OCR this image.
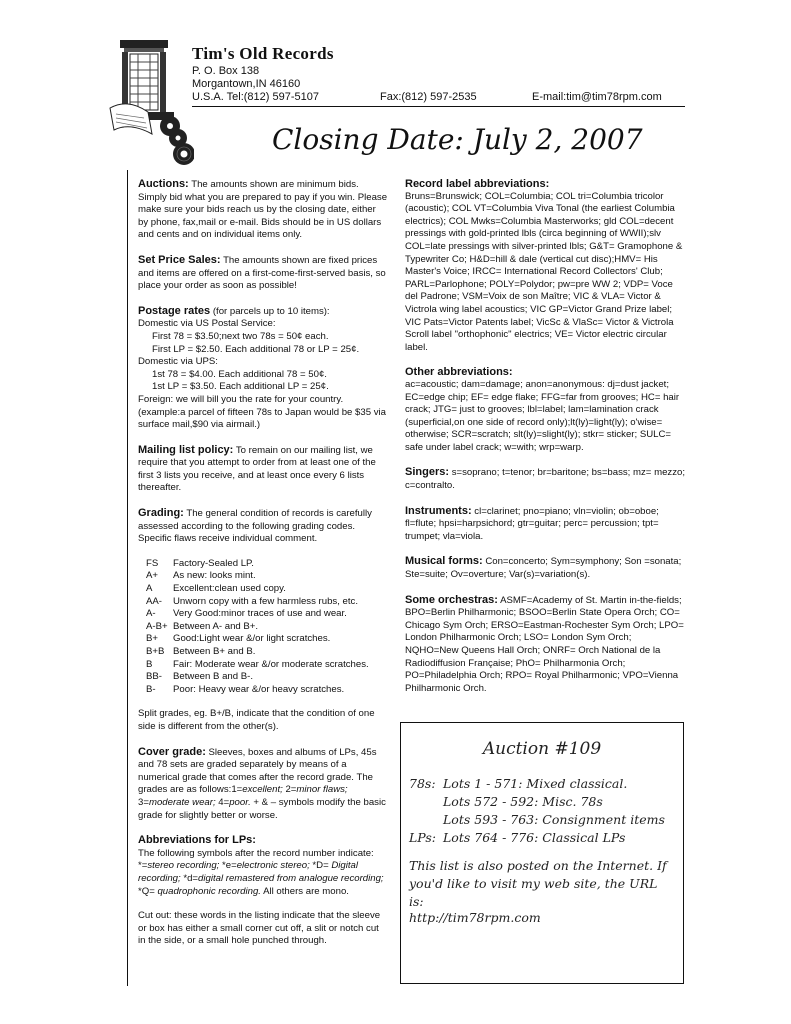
Tim's Old Records
P. O. Box 138
Morgantown,IN 46160
U.S.A. Tel:(812) 597-5107	Fax:(812) 597-2535	E-mail:tim@tim78rpm.com
Closing Date: July 2, 2007

Auctions: The amounts shown are minimum bids. Simply bid what you are prepared to pay if you win. Please make sure your bids reach us by the closing date, either by phone, fax,mail or e-mail. Bids should be in US dollars and cents and on individual items only.

Set Price Sales: The amounts shown are fixed prices and items are offered on a first-come-first-served basis, so place your order as soon as possible!

Postage rates (for parcels up to 10 items):

Domestic via US Postal Service:

First 78 = $3.50;next two 78s = 50¢ each.

First LP = $2.50. Each additional 78 or LP = 25¢.

Domestic via UPS:

1st 78 = $4.00. Each additional 78 = 50¢.

1st LP = $3.50. Each additional LP = 25¢.

Foreign: we will bill you the rate for your country. (example:a parcel of fifteen 78s to Japan would be $35 via surface mail,$90 via airmail.)

Mailing list policy: To remain on our mailing list, we require that you attempt to order from at least one of the first 3 lists you receive, and at least once every 6 lists thereafter.

Grading: The general condition of records is carefully assessed according to the following grading codes. Specific flaws receive individual comment.

FS	Factory-Sealed LP.
A+	As new: looks mint.
A	Excellent:clean used copy.
AA-	Unworn copy with a few harmless rubs, etc.
A-	Very Good:minor traces of use and wear.
A-B+ Between A- and B+.
B+	Good:Light wear &/or light scratches.
B+B Between B+ and B.
B	Fair: Moderate wear &/or moderate scratches.
BB-	Between B and B-.
B-	Poor: Heavy wear &/or heavy scratches.

Split grades, eg. B+/B, indicate that the condition of one side is different from the other(s).

Cover grade: Sleeves, boxes and albums of LPs, 45s and 78 sets are graded separately by means of a numerical grade that comes after the record grade. The grades are as follows:1=excellent; 2=minor flaws; 3=moderate wear; 4=poor. + & – symbols modify the basic grade for slightly better or worse.

Abbreviations for LPs:

The following symbols after the record number indicate: *=stereo recording; *e=electronic stereo; *D= Digital recording; *d=digital remastered from analogue recording; *Q= quadrophonic recording. All others are mono.

Cut out: these words in the listing indicate that the sleeve or box has either a small corner cut off, a slit or notch cut in the side, or a small hole punched through.

Record label abbreviations:

Bruns=Brunswick; COL=Columbia; COL tri=Columbia tricolor (acoustic); COL VT=Columbia Viva Tonal (the earliest Columbia electrics); COL Mwks=Columbia Masterworks; gld COL=decent pressings with gold-printed lbls (circa beginning of WWII);slv COL=late pressings with silver-printed lbls; G&T= Gramophone & Typewriter Co; H&D=hill & dale (vertical cut disc);HMV= His Master's Voice; IRCC= International Record Collectors' Club; PARL=Parlophone; POLY=Polydor; pw=pre WW 2; VDP= Voce del Padrone; VSM=Voix de son Maître; VIC & VLA= Victor & Victrola wing label acoustics; VIC GP=Victor Grand Prize label; VIC Pats=Victor Patents label; VicSc & VlaSc= Victor & Victrola Scroll label "orthophonic" electrics; VE= Victor electric circular label.

Other abbreviations:

ac=acoustic; dam=damage; anon=anonymous: dj=dust jacket; EC=edge chip; EF= edge flake; FFG=far from grooves; HC= hair crack; JTG= just to grooves; lbl=label; lam=lamination crack (superficial,on one side of record only);lt(ly)=light(ly); o'wise= otherwise; SCR=scratch; slt(ly)=slight(ly); stkr= sticker; SULC= safe under label crack; w=with; wrp=warp.

Singers: s=soprano; t=tenor; br=baritone; bs=bass; mz= mezzo; c=contralto.

Instruments: cl=clarinet; pno=piano; vln=violin; ob=oboe; fl=flute; hpsi=harpsichord; gtr=guitar; perc= percussion; tpt= trumpet; vla=viola.

Musical forms: Con=concerto; Sym=symphony; Son =sonata; Ste=suite; Ov=overture; Var(s)=variation(s).

Some orchestras: ASMF=Academy of St. Martin in-the-fields; BPO=Berlin Philharmonic; BSOO=Berlin State Opera Orch; CO= Chicago Sym Orch; ERSO=Eastman-Rochester Sym Orch; LPO= London Philharmonic Orch; LSO= London Sym Orch; NQHO=New Queens Hall Orch; ONRF= Orch National de la Radiodiffusion Française; PhO= Philharmonia Orch; PO=Philadelphia Orch; RPO= Royal Philharmonic; VPO=Vienna Philharmonic Orch.

Auction #109
78s: Lots 1 - 571: Mixed classical.
Lots 572 - 592: Misc. 78s
Lots 593 - 763: Consignment items
LPs: Lots 764 - 776: Classical LPs
This list is also posted on the Internet. If you'd like to visit my web site, the URL is:
http://tim78rpm.com
